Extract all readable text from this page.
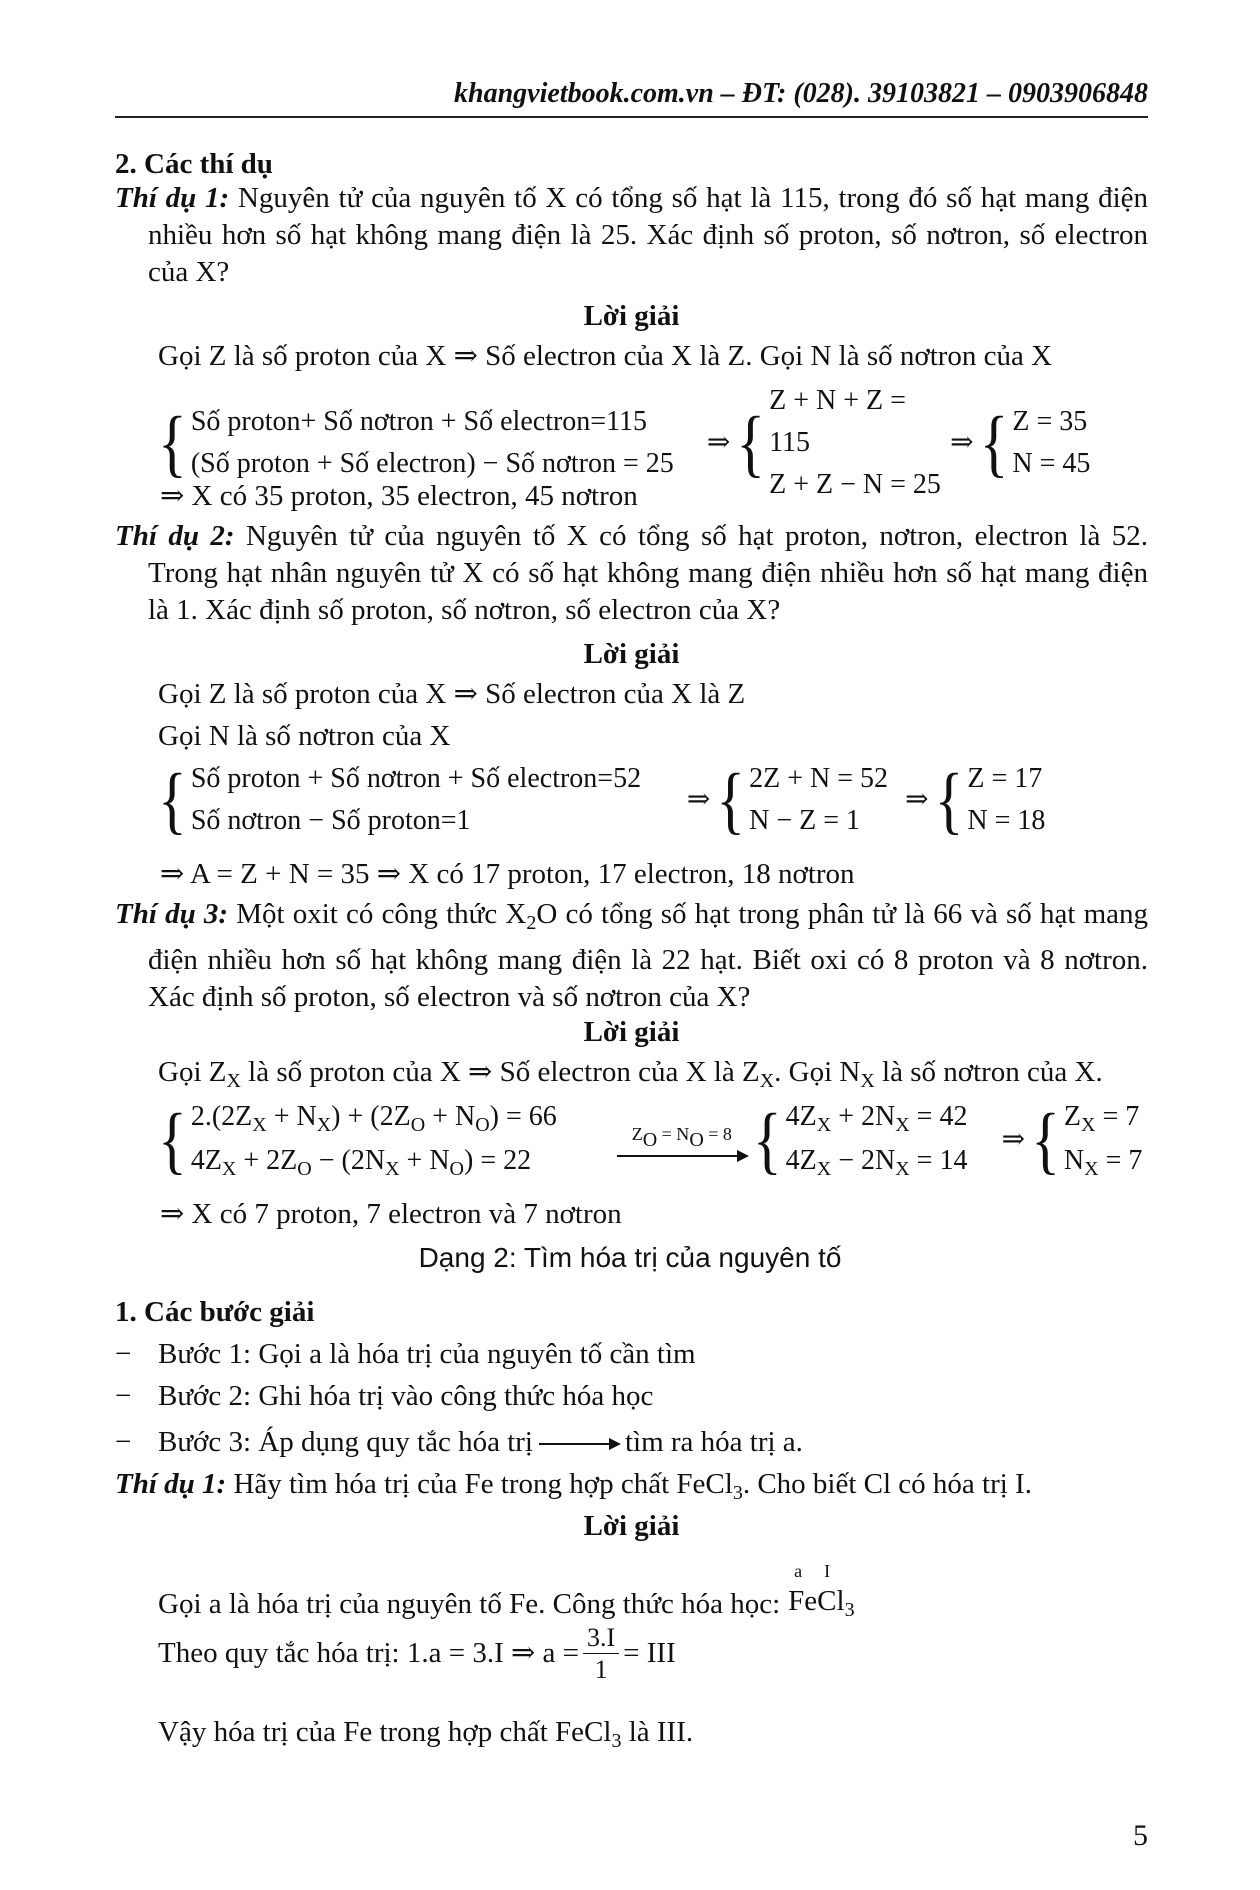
khangvietbook.com.vn – ĐT: (028). 39103821 – 0903906848
2. Các thí dụ
Thí dụ 1: Nguyên tử của nguyên tố X có tổng số hạt là 115, trong đó số hạt mang điện nhiều hơn số hạt không mang điện là 25. Xác định số proton, số nơtron, số electron của X?
Lời giải
Gọi Z là số proton của X ⇒ Số electron của X là Z. Gọi N là số nơtron của X
{ Số proton+ Số nơtron + Số electron=115
(Số proton + Số electron) − Số nơtron = 25
⇒ {
Z + N + Z = 115
Z + Z − N = 25
⇒ { Z = 35
N = 45
⇒ X có 35 proton, 35 electron, 45 nơtron
Thí dụ 2: Nguyên tử của nguyên tố X có tổng số hạt proton, nơtron, electron là 52. Trong hạt nhân nguyên tử X có số hạt không mang điện nhiều hơn số hạt mang điện là 1. Xác định số proton, số nơtron, số electron của X?
Lời giải
Gọi Z là số proton của X ⇒ Số electron của X là Z
Gọi N là số nơtron của X
{ Số proton + Số nơtron + Số electron=52
Số nơtron − Số proton=1
⇒ { 2Z + N = 52
N − Z = 1
⇒ { Z = 17
N = 18
⇒ A = Z + N = 35 ⇒ X có 17 proton, 17 electron, 18 nơtron
Thí dụ 3: Một oxit có công thức $X_2O$ có tổng số hạt trong phân tử là 66 và số hạt mang điện nhiều hơn số hạt không mang điện là 22 hạt. Biết oxi có 8 proton và 8 nơtron. Xác định số proton, số electron và số nơtron của X?
Lời giải
Gọi $Z_X$ là số proton của X ⇒ Số electron của X là $Z_X$. Gọi $N_X$ là số nơtron của X.
{ $2.(2Z_X + N_X) + (2Z_O + N_O) = 66$
$4Z_X + 2Z_O - (2N_X + N_O) = 22$
ZO = NO = 8 { $4Z_X + 2N_X = 42$
$4Z_X - 2N_X = 14$
⇒ { $Z_X = 7$
$N_X = 7$
⇒ X có 7 proton, 7 electron và 7 nơtron
Dạng 2: Tìm hóa trị của nguyên tố
1. Các bước giải
− Bước 1: Gọi a là hóa trị của nguyên tố cần tìm
− Bước 2: Ghi hóa trị vào công thức hóa học
− Bước 3: Áp dụng quy tắc hóa trị	tìm ra hóa trị a.
Thí dụ 1: Hãy tìm hóa trị của Fe trong hợp chất FeCl$_3$. Cho biết Cl có hóa trị I.
Lời giải
Gọi a là hóa trị của nguyên tố Fe. Công thức hóa học:
a I
FeCl$_3$
Theo quy tắc hóa trị: 1.a = 3.I ⇒ $a = \frac{3.I}{1}$ = III
Vậy hóa trị của Fe trong hợp chất FeCl$_3$ là III.
5
